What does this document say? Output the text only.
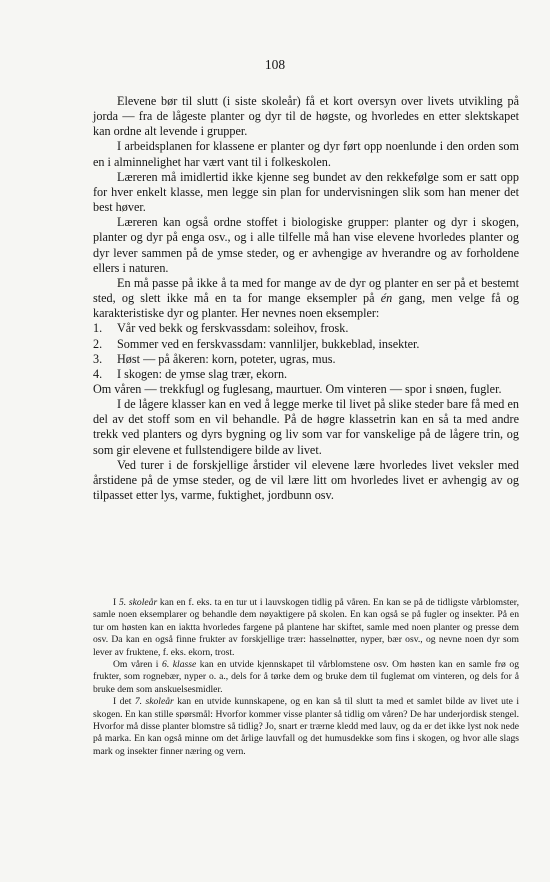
108

Elevene bør til slutt (i siste skoleår) få et kort oversyn over livets utvikling på jorda — fra de lågeste planter og dyr til de høgste, og hvorledes en etter slektskapet kan ordne alt levende i grupper.

I arbeidsplanen for klassene er planter og dyr ført opp noenlunde i den orden som en i alminnelighet har vært vant til i folkeskolen.

Læreren må imidlertid ikke kjenne seg bundet av den rekkefølge som er satt opp for hver enkelt klasse, men legge sin plan for undervisningen slik som han mener det best høver.

Læreren kan også ordne stoffet i biologiske grupper: planter og dyr i skogen, planter og dyr på enga osv., og i alle tilfelle må han vise elevene hvorledes planter og dyr lever sammen på de ymse steder, og er avhengige av hverandre og av forholdene ellers i naturen.

En må passe på ikke å ta med for mange av de dyr og planter en ser på et bestemt sted, og slett ikke må en ta for mange eksempler på én gang, men velge få og karakteristiske dyr og planter. Her nevnes noen eksempler:

1.	Vår ved bekk og ferskvassdam: soleihov, frosk.
2.	Sommer ved en ferskvassdam: vannliljer, bukkeblad, insekter.
3.	Høst — på åkeren: korn, poteter, ugras, mus.
4.	I skogen: de ymse slag trær, ekorn.
Om våren — trekkfugl og fuglesang, maurtuer. Om vinteren — spor i snøen, fugler.

I de lågere klasser kan en ved å legge merke til livet på slike steder bare få med en del av det stoff som en vil behandle. På de høgre klassetrin kan en så ta med andre trekk ved planters og dyrs bygning og liv som var for vanskelige på de lågere trin, og som gir elevene et fullstendigere bilde av livet.

Ved turer i de forskjellige årstider vil elevene lære hvorledes livet veksler med årstidene på de ymse steder, og de vil lære litt om hvorledes livet er avhengig av og tilpasset etter lys, varme, fuktighet, jordbunn osv.

I 5. skoleår kan en f. eks. ta en tur ut i lauvskogen tidlig på våren. En kan se på de tidligste vårblomster, samle noen eksemplarer og behandle dem nøyaktigere på skolen. En kan også se på fugler og insekter. På en tur om høsten kan en iaktta hvorledes fargene på plantene har skiftet, samle med noen planter og presse dem osv. Da kan en også finne frukter av forskjellige trær: hasselnøtter, nyper, bær osv., og nevne noen dyr som lever av fruktene, f. eks. ekorn, trost.

Om våren i 6. klasse kan en utvide kjennskapet til vårblomstene osv. Om høsten kan en samle frø og frukter, som rognebær, nyper o. a., dels for å tørke dem og bruke dem til fuglemat om vinteren, og dels for å bruke dem som anskuelsesmidler.

I det 7. skoleår kan en utvide kunnskapene, og en kan så til slutt ta med et samlet bilde av livet ute i skogen. En kan stille spørsmål: Hvorfor kommer visse planter så tidlig om våren? De har underjordisk stengel. Hvorfor må disse planter blomstre så tidlig? Jo, snart er trærne kledd med lauv, og da er det ikke lyst nok nede på marka. En kan også minne om det årlige lauvfall og det humusdekke som fins i skogen, og hvor alle slags mark og insekter finner næring og vern.
